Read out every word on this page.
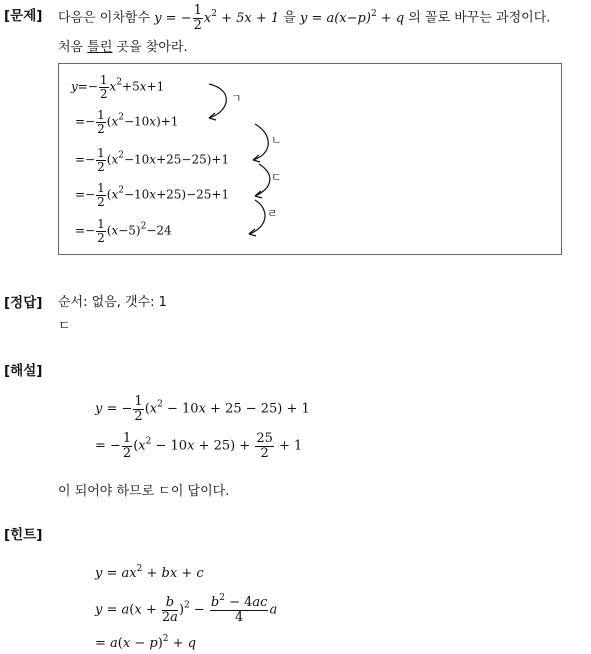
[문제] 다음은 이차함수 y = − $\frac{1}{2} x^2 + 5x + 1$ 을 $y = a(x-p)^2 + q$ 의 꼴로 바꾸는 과정이다.
처음 틀린 곳을 찾아라.
$y=- \frac{1}{2} x^2+5x+1$
=− $\frac{1}{2} (x^2-10x)+1$
=− $\frac{1}{2} (x^2-10x+25-25)+1$
=− $\frac{1}{2} (x^2-10x+25)-25+1$
=− $\frac{1}{2} (x-5)^2-24$
ㄱ
ㄴ
ㄷ
ㄹ
[정답] 순서: 없음, 갯수: 1
ㄷ
[해설]
y = − $\frac{1}{2} (x^2 - 10x + 25 - 25) + 1$
= − $\frac{1}{2} (x^2 - 10x + 25) + \frac{25}{2} + 1$
이 되어야 하므로 ㄷ이 답이다.
[힌트]
$y = ax^2$ + bx + c
$y = a(x + \frac{b}{2a} )^2 - \frac{b^2 - 4ac}{4}$ a
= $a(x - p)^2 + q$
